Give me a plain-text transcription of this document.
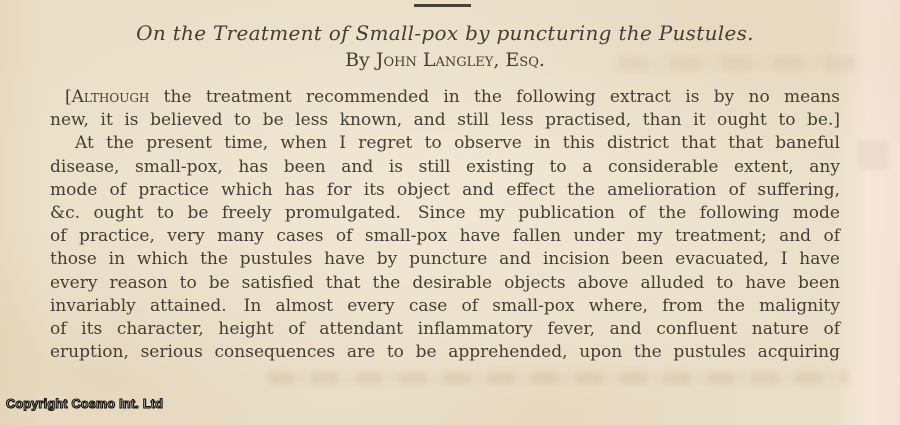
On the Treatment of Small-pox by puncturing the Pustules.
By John Langley, Esq.
[Although the treatment recommended in the following extract is by no means
new, it is believed to be less known, and still less practised, than it ought to be.]
At the present time, when I regret to observe in this district that that baneful
disease, small-pox, has been and is still existing to a considerable extent, any
mode of practice which has for its object and effect the amelioration of suffering,
&c. ought to be freely promulgated. Since my publication of the following mode
of practice, very many cases of small-pox have fallen under my treatment; and of
those in which the pustules have by puncture and incision been evacuated, I have
every reason to be satisfied that the desirable objects above alluded to have been
invariably attained. In almost every case of small-pox where, from the malignity
of its character, height of attendant inflammatory fever, and confluent nature of
eruption, serious consequences are to be apprehended, upon the pustules acquiring
Copyright Cosmo Int. Ltd
